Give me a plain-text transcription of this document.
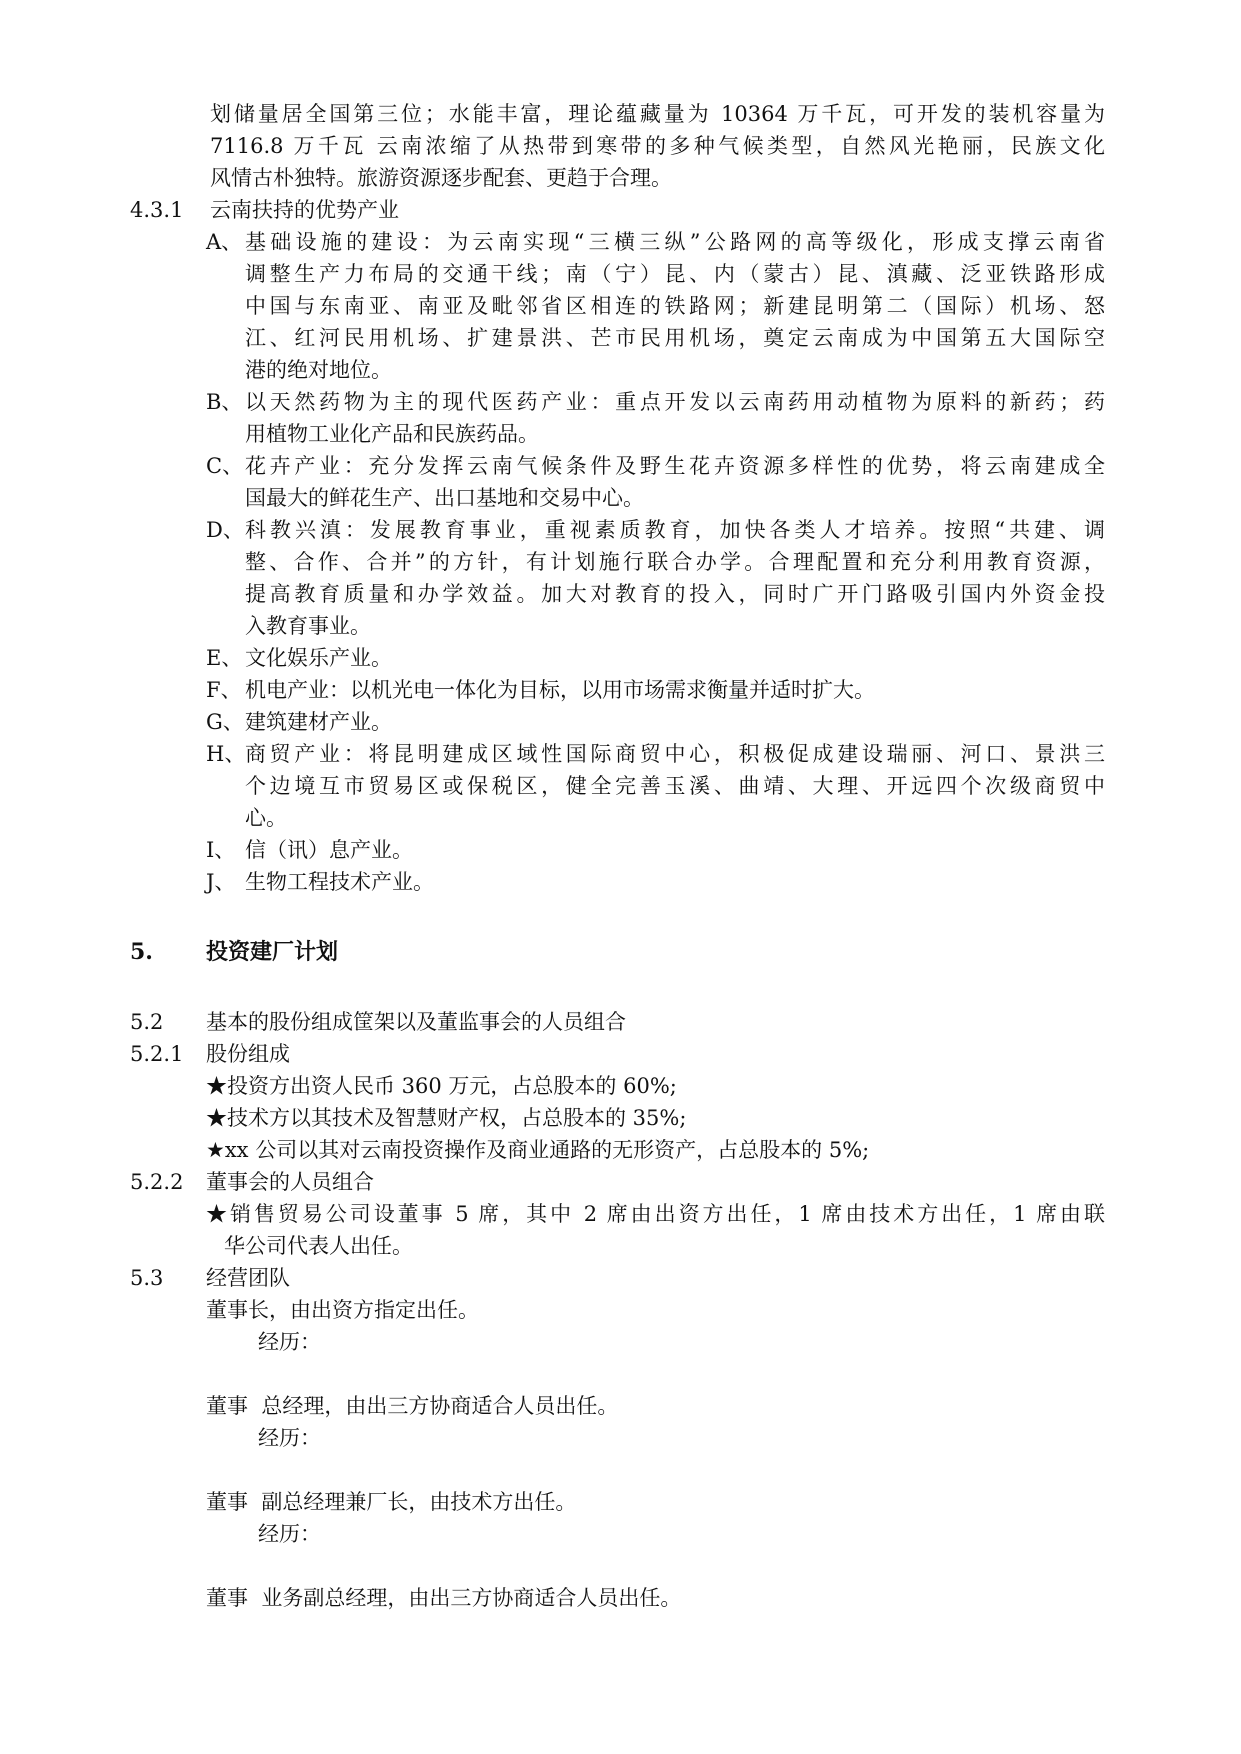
划储量居全国第三位；水能丰富，理论蕴藏量为 10364 万千瓦，可开发的装机容量为
7116.8 万千瓦 云南浓缩了从热带到寒带的多种气候类型，自然风光艳丽，民族文化
风情古朴独特。旅游资源逐步配套、更趋于合理。
4.3.1 云南扶持的优势产业
A、 基础设施的建设：为云南实现“三横三纵”公路网的高等级化，形成支撑云南省
调整生产力布局的交通干线；南（宁）昆、内（蒙古）昆、滇藏、泛亚铁路形成
中国与东南亚、南亚及毗邻省区相连的铁路网；新建昆明第二（国际）机场、怒
江、红河民用机场、扩建景洪、芒市民用机场，奠定云南成为中国第五大国际空
港的绝对地位。
B、 以天然药物为主的现代医药产业：重点开发以云南药用动植物为原料的新药；药
用植物工业化产品和民族药品。
C、 花卉产业：充分发挥云南气候条件及野生花卉资源多样性的优势，将云南建成全
国最大的鲜花生产、出口基地和交易中心。
D、 科教兴滇：发展教育事业，重视素质教育，加快各类人才培养。按照“共建、调
整、合作、合并”的方针，有计划施行联合办学。合理配置和充分利用教育资源，
提高教育质量和办学效益。加大对教育的投入，同时广开门路吸引国内外资金投
入教育事业。
E、 文化娱乐产业。
F、 机电产业：以机光电一体化为目标，以用市场需求衡量并适时扩大。
G、 建筑建材产业。
H、 商贸产业：将昆明建成区域性国际商贸中心，积极促成建设瑞丽、河口、景洪三
个边境互市贸易区或保税区，健全完善玉溪、曲靖、大理、开远四个次级商贸中
心。
I、 信（讯）息产业。
J、 生物工程技术产业。
5. 投资建厂计划
5.2 基本的股份组成筐架以及董监事会的人员组合
5.2.1 股份组成
★投资方出资人民币 360 万元，占总股本的 60%;
★技术方以其技术及智慧财产权，占总股本的 35%;
★xx 公司以其对云南投资操作及商业通路的无形资产，占总股本的 5%;
5.2.2 董事会的人员组合
★销售贸易公司设董事 5 席，其中 2 席由出资方出任，1 席由技术方出任，1 席由联
华公司代表人出任。
5.3 经营团队
董事长，由出资方指定出任。
经历：
董事  总经理，由出三方协商适合人员出任。
经历：
董事  副总经理兼厂长，由技术方出任。
经历：
董事  业务副总经理，由出三方协商适合人员出任。
